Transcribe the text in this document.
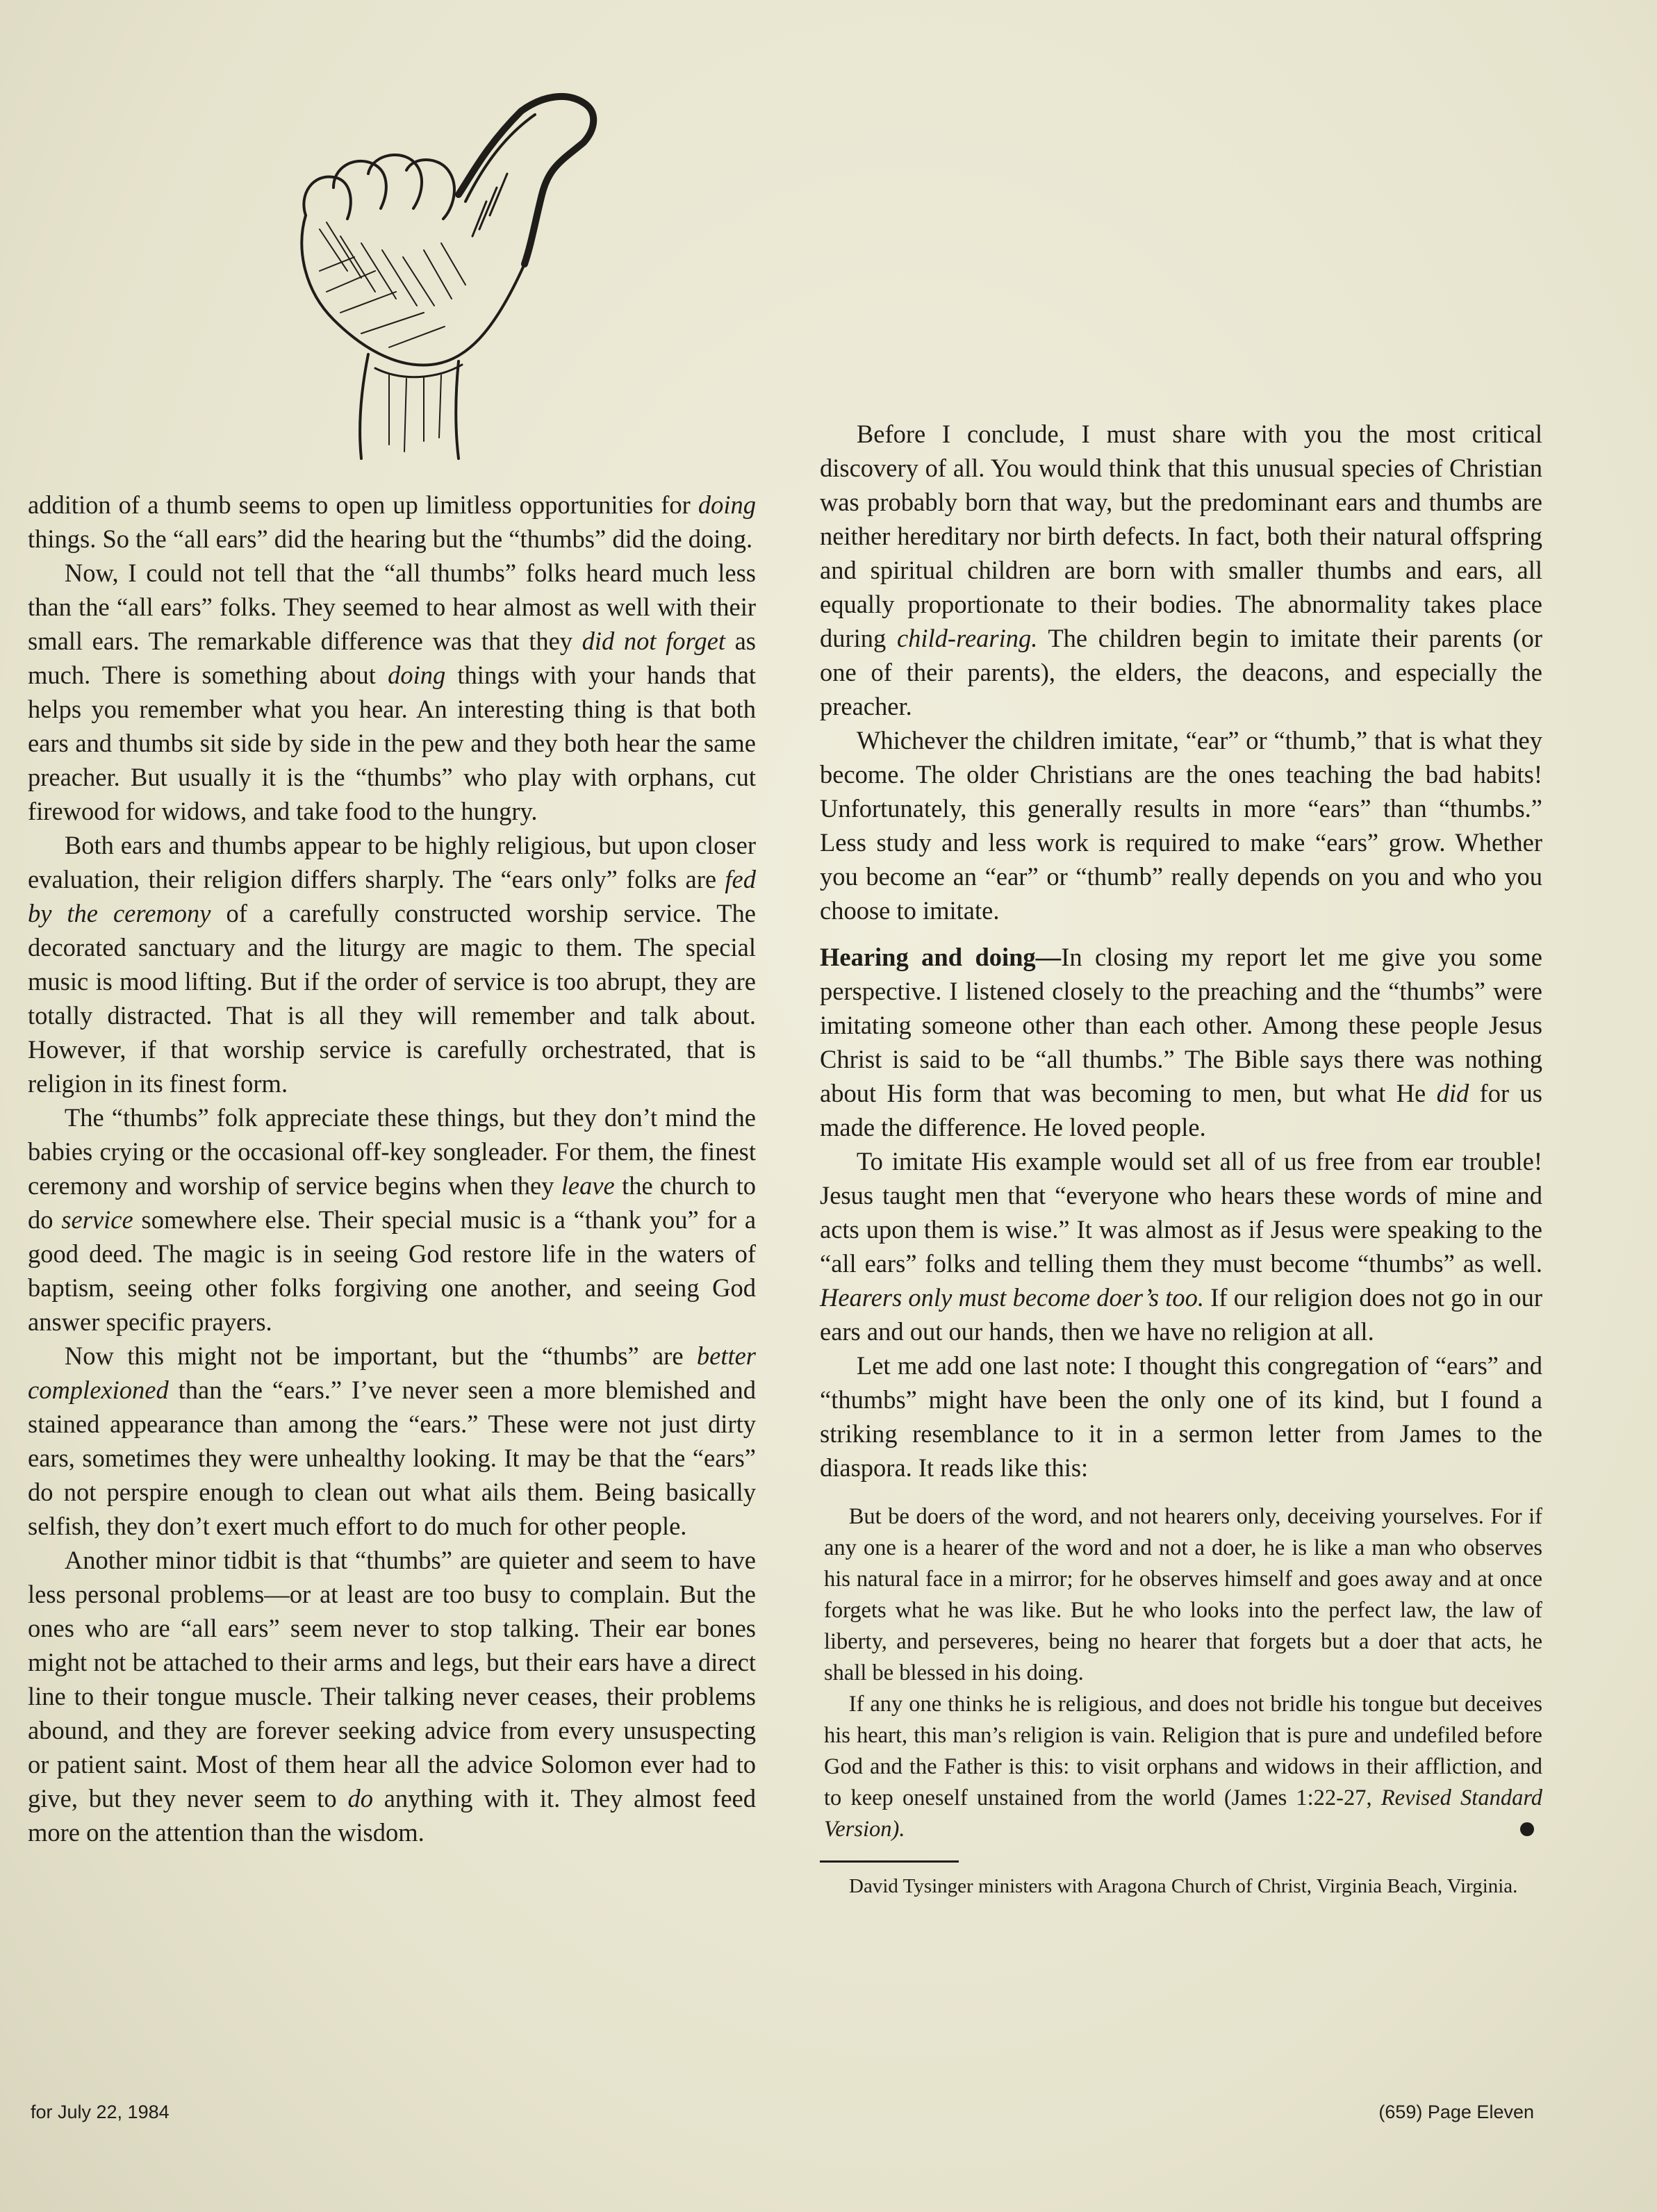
addition of a thumb seems to open up limitless opportunities for doing things. So the “all ears” did the hearing but the “thumbs” did the doing.

Now, I could not tell that the “all thumbs” folks heard much less than the “all ears” folks. They seemed to hear almost as well with their small ears. The remarkable difference was that they did not forget as much. There is something about doing things with your hands that helps you remember what you hear. An interesting thing is that both ears and thumbs sit side by side in the pew and they both hear the same preacher. But usually it is the “thumbs” who play with orphans, cut firewood for widows, and take food to the hungry.

Both ears and thumbs appear to be highly religious, but upon closer evaluation, their religion differs sharply. The “ears only” folks are fed by the ceremony of a carefully constructed worship service. The decorated sanctuary and the liturgy are magic to them. The special music is mood lifting. But if the order of service is too abrupt, they are totally distracted. That is all they will remember and talk about. However, if that worship service is carefully orchestrated, that is religion in its finest form.

The “thumbs” folk appreciate these things, but they don’t mind the babies crying or the occasional off-key songleader. For them, the finest ceremony and worship of service begins when they leave the church to do service somewhere else. Their special music is a “thank you” for a good deed. The magic is in seeing God restore life in the waters of baptism, seeing other folks forgiving one another, and seeing God answer specific prayers.

Now this might not be important, but the “thumbs” are better complexioned than the “ears.” I’ve never seen a more blemished and stained appearance than among the “ears.” These were not just dirty ears, sometimes they were unhealthy looking. It may be that the “ears” do not perspire enough to clean out what ails them. Being basically selfish, they don’t exert much effort to do much for other people.

Another minor tidbit is that “thumbs” are quieter and seem to have less personal problems—or at least are too busy to complain. But the ones who are “all ears” seem never to stop talking. Their ear bones might not be attached to their arms and legs, but their ears have a direct line to their tongue muscle. Their talking never ceases, their problems abound, and they are forever seeking advice from every unsuspecting or patient saint. Most of them hear all the advice Solomon ever had to give, but they never seem to do anything with it. They almost feed more on the attention than the wisdom.

Before I conclude, I must share with you the most critical discovery of all. You would think that this unusual species of Christian was probably born that way, but the predominant ears and thumbs are neither hereditary nor birth defects. In fact, both their natural offspring and spiritual children are born with smaller thumbs and ears, all equally proportionate to their bodies. The abnormality takes place during child-rearing. The children begin to imitate their parents (or one of their parents), the elders, the deacons, and especially the preacher.

Whichever the children imitate, “ear” or “thumb,” that is what they become. The older Christians are the ones teaching the bad habits! Unfortunately, this generally results in more “ears” than “thumbs.” Less study and less work is required to make “ears” grow. Whether you become an “ear” or “thumb” really depends on you and who you choose to imitate.

Hearing and doing—In closing my report let me give you some perspective. I listened closely to the preaching and the “thumbs” were imitating someone other than each other. Among these people Jesus Christ is said to be “all thumbs.” The Bible says there was nothing about His form that was becoming to men, but what He did for us made the difference. He loved people.

To imitate His example would set all of us free from ear trouble! Jesus taught men that “everyone who hears these words of mine and acts upon them is wise.” It was almost as if Jesus were speaking to the “all ears” folks and telling them they must become “thumbs” as well. Hearers only must become doer’s too. If our religion does not go in our ears and out our hands, then we have no religion at all.

Let me add one last note: I thought this congregation of “ears” and “thumbs” might have been the only one of its kind, but I found a striking resemblance to it in a sermon letter from James to the diaspora. It reads like this:

But be doers of the word, and not hearers only, deceiving yourselves. For if any one is a hearer of the word and not a doer, he is like a man who observes his natural face in a mirror; for he observes himself and goes away and at once forgets what he was like. But he who looks into the perfect law, the law of liberty, and perseveres, being no hearer that forgets but a doer that acts, he shall be blessed in his doing.

If any one thinks he is religious, and does not bridle his tongue but deceives his heart, this man’s religion is vain. Religion that is pure and undefiled before God and the Father is this: to visit orphans and widows in their affliction, and to keep oneself unstained from the world (James 1:22-27, Revised Standard Version).

David Tysinger ministers with Aragona Church of Christ, Virginia Beach, Virginia.

for July 22, 1984	(659) Page Eleven
